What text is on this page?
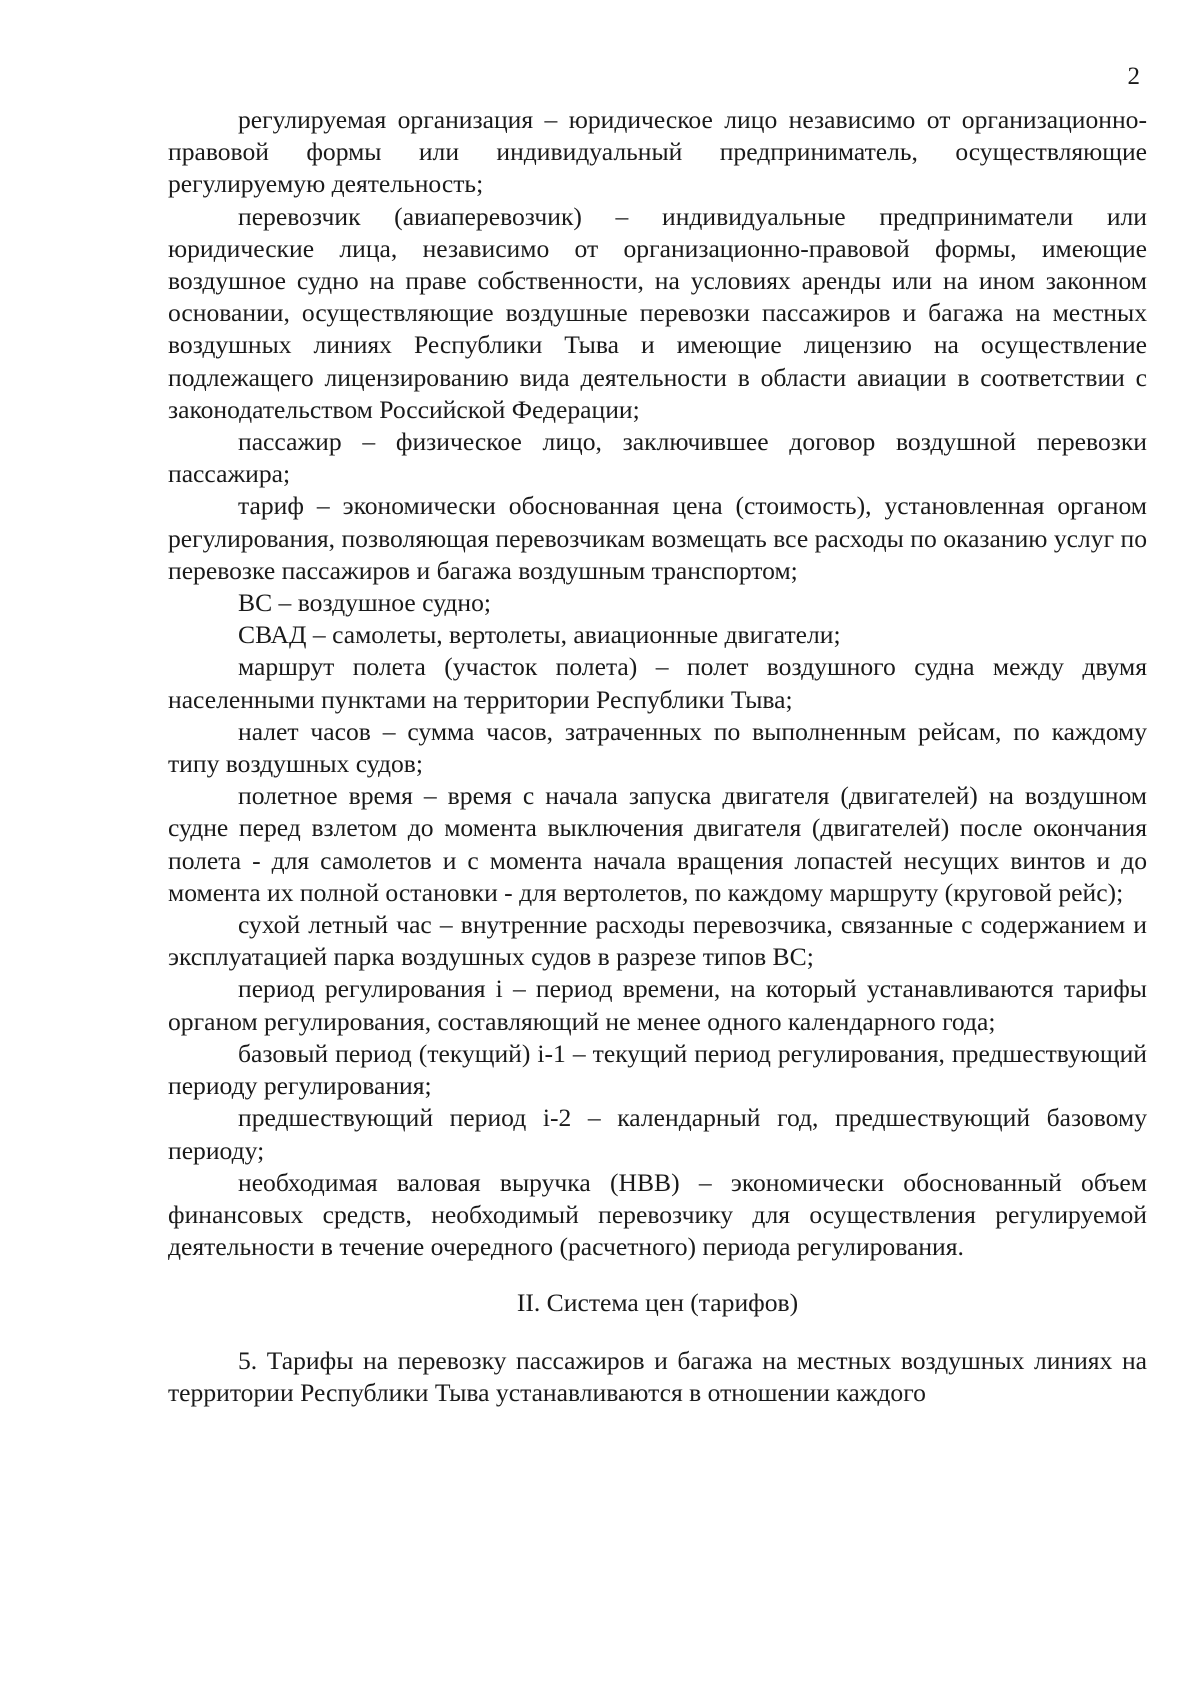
2

регулируемая организация – юридическое лицо независимо от организационно-правовой формы или индивидуальный предприниматель, осуществляющие регулируемую деятельность;

перевозчик (авиаперевозчик) – индивидуальные предприниматели или юридические лица, независимо от организационно-правовой формы, имеющие воздушное судно на праве собственности, на условиях аренды или на ином законном основании, осуществляющие воздушные перевозки пассажиров и багажа на местных воздушных линиях Республики Тыва и имеющие лицензию на осуществление подлежащего лицензированию вида деятельности в области авиации в соответствии с законодательством Российской Федерации;

пассажир – физическое лицо, заключившее договор воздушной перевозки пассажира;

тариф – экономически обоснованная цена (стоимость), установленная органом регулирования, позволяющая перевозчикам возмещать все расходы по оказанию услуг по перевозке пассажиров и багажа воздушным транспортом;

ВС – воздушное судно;

СВАД – самолеты, вертолеты, авиационные двигатели;

маршрут полета (участок полета) – полет воздушного судна между двумя населенными пунктами на территории Республики Тыва;

налет часов – сумма часов, затраченных по выполненным рейсам, по каждому типу воздушных судов;

полетное время – время с начала запуска двигателя (двигателей) на воздушном судне перед взлетом до момента выключения двигателя (двигателей) после окончания полета - для самолетов и с момента начала вращения лопастей несущих винтов и до момента их полной остановки - для вертолетов, по каждому маршруту (круговой рейс);

сухой летный час – внутренние расходы перевозчика, связанные с содержанием и эксплуатацией парка воздушных судов в разрезе типов ВС;

период регулирования i – период времени, на который устанавливаются тарифы органом регулирования, составляющий не менее одного календарного года;

базовый период (текущий) i-1 – текущий период регулирования, предшествующий периоду регулирования;

предшествующий период i-2 – календарный год, предшествующий базовому периоду;

необходимая валовая выручка (НВВ) – экономически обоснованный объем финансовых средств, необходимый перевозчику для осуществления регулируемой деятельности в течение очередного (расчетного) периода регулирования.

II. Система цен (тарифов)

5. Тарифы на перевозку пассажиров и багажа на местных воздушных линиях на территории Республики Тыва устанавливаются в отношении каждого
